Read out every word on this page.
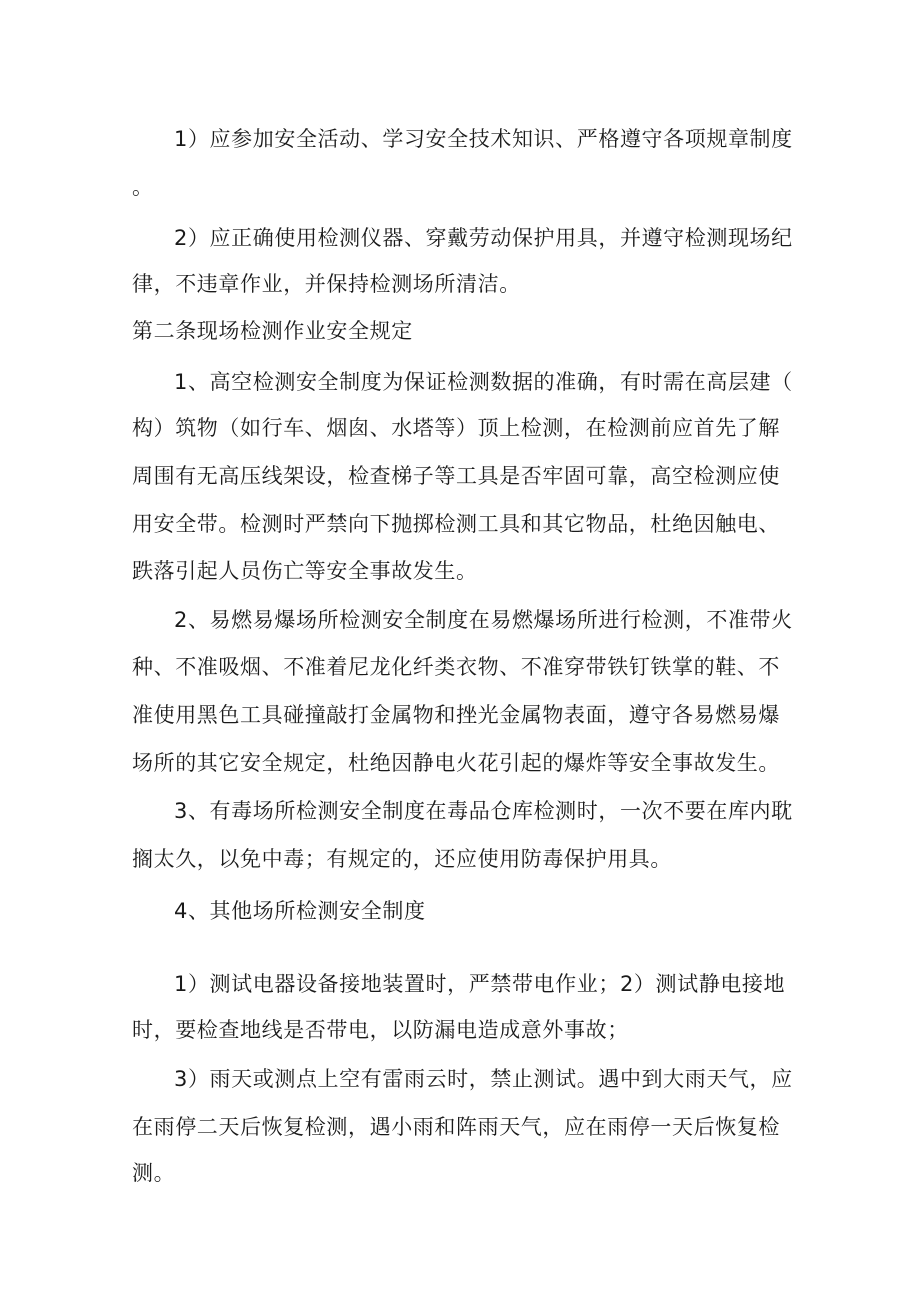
1）应参加安全活动、学习安全技术知识、严格遵守各项规章制度

。

2）应正确使用检测仪器、穿戴劳动保护用具，并遵守检测现场纪

律，不违章作业，并保持检测场所清洁。

第二条现场检测作业安全规定

1、高空检测安全制度为保证检测数据的准确，有时需在高层建（

构）筑物（如行车、烟囱、水塔等）顶上检测，在检测前应首先了解

周围有无高压线架设，检查梯子等工具是否牢固可靠，高空检测应使

用安全带。检测时严禁向下抛掷检测工具和其它物品，杜绝因触电、

跌落引起人员伤亡等安全事故发生。

2、易燃易爆场所检测安全制度在易燃爆场所进行检测，不准带火

种、不准吸烟、不准着尼龙化纤类衣物、不准穿带铁钉铁掌的鞋、不

准使用黑色工具碰撞敲打金属物和挫光金属物表面，遵守各易燃易爆

场所的其它安全规定，杜绝因静电火花引起的爆炸等安全事故发生。

3、有毒场所检测安全制度在毒品仓库检测时，一次不要在库内耽

搁太久，以免中毒；有规定的，还应使用防毒保护用具。

4、其他场所检测安全制度

1）测试电器设备接地装置时，严禁带电作业；2）测试静电接地

时，要检查地线是否带电，以防漏电造成意外事故；

3）雨天或测点上空有雷雨云时，禁止测试。遇中到大雨天气，应

在雨停二天后恢复检测，遇小雨和阵雨天气，应在雨停一天后恢复检

测。
